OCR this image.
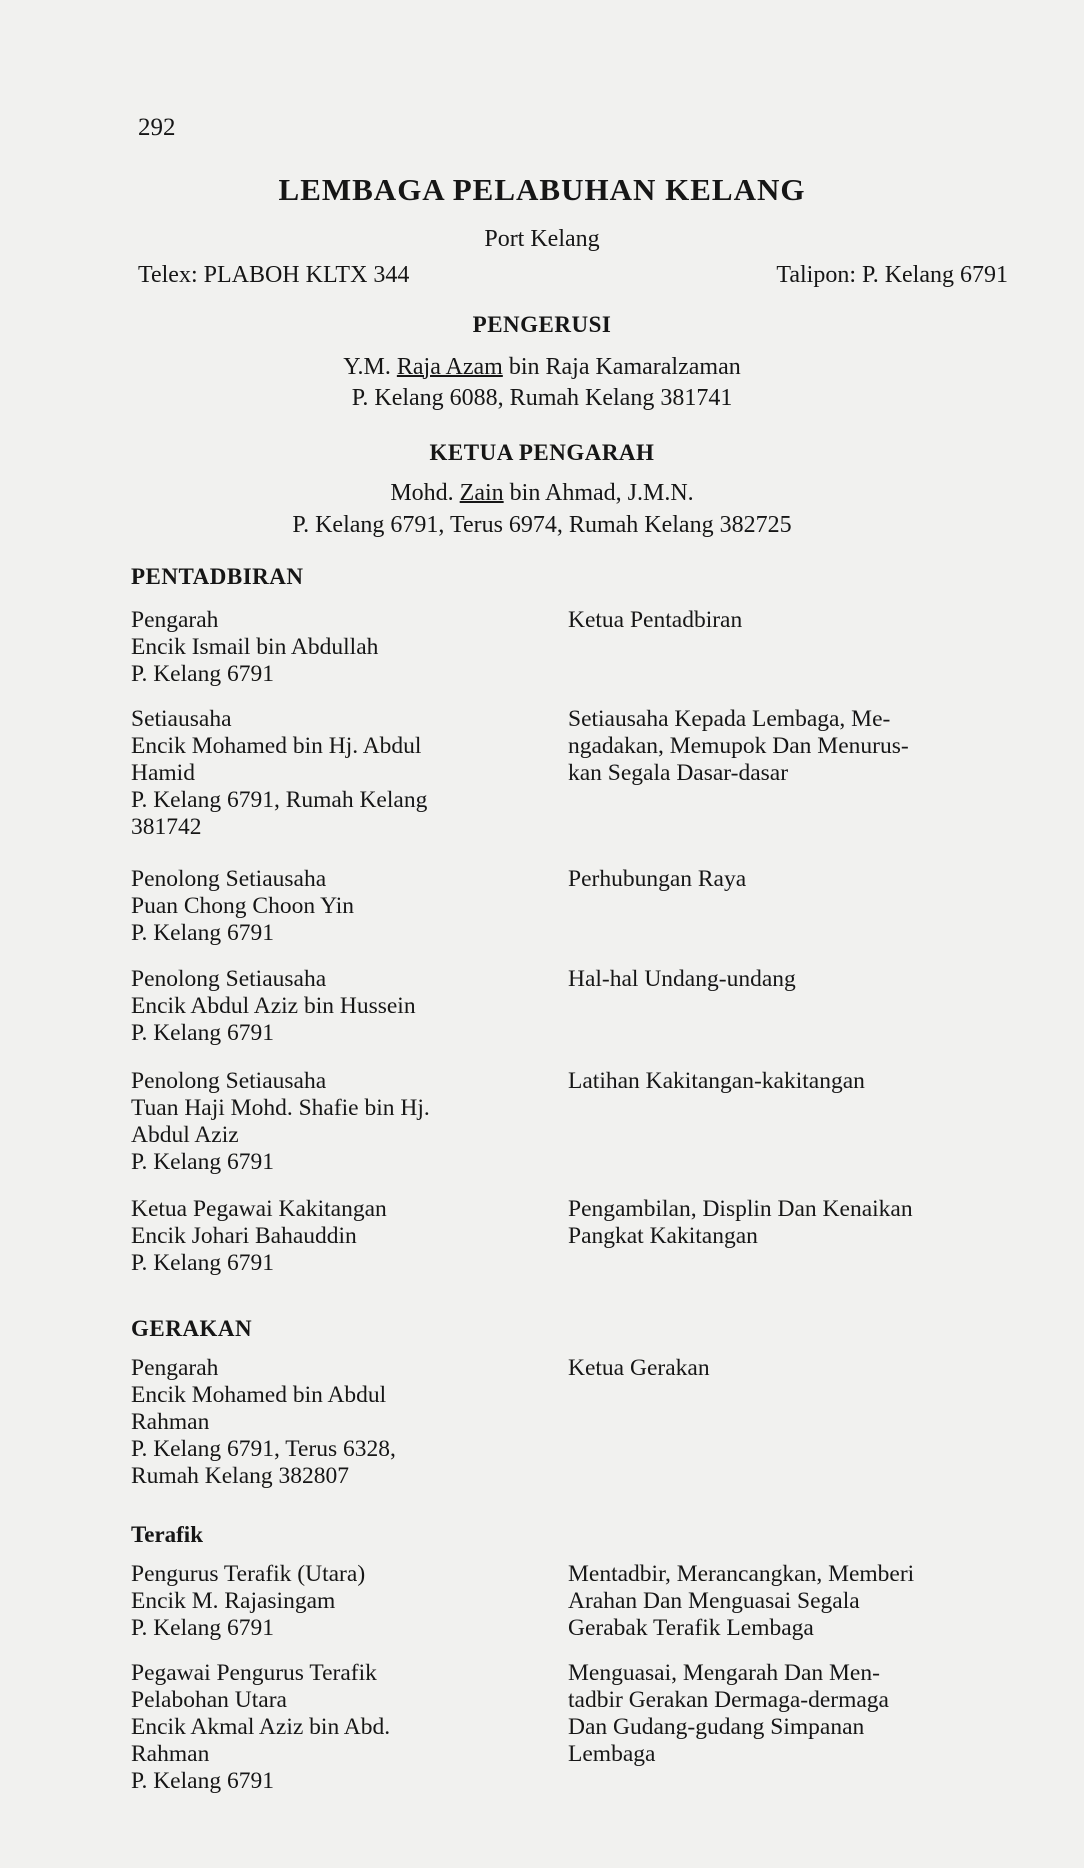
292
LEMBAGA PELABUHAN KELANG
Port Kelang
Telex: PLABOH KLTX 344	Talipon: P. Kelang 6791
PENGERUSI
Y.M. Raja Azam bin Raja Kamaralzaman
P. Kelang 6088, Rumah Kelang 381741
KETUA PENGARAH
Mohd. Zain bin Ahmad, J.M.N.
P. Kelang 6791, Terus 6974, Rumah Kelang 382725
PENTADBIRAN
Pengarah
Encik Ismail bin Abdullah
P. Kelang 6791
Ketua Pentadbiran
Setiausaha
Encik Mohamed bin Hj. Abdul
Hamid
P. Kelang 6791, Rumah Kelang
381742
Setiausaha Kepada Lembaga, Me-
ngadakan, Memupok Dan Menurus-
kan Segala Dasar-dasar
Penolong Setiausaha
Puan Chong Choon Yin
P. Kelang 6791
Perhubungan Raya
Penolong Setiausaha
Encik Abdul Aziz bin Hussein
P. Kelang 6791
Hal-hal Undang-undang
Penolong Setiausaha
Tuan Haji Mohd. Shafie bin Hj.
Abdul Aziz
P. Kelang 6791
Latihan Kakitangan-kakitangan
Ketua Pegawai Kakitangan
Encik Johari Bahauddin
P. Kelang 6791
Pengambilan, Displin Dan Kenaikan
Pangkat Kakitangan
GERAKAN
Pengarah
Encik Mohamed bin Abdul
Rahman
P. Kelang 6791, Terus 6328,
Rumah Kelang 382807
Ketua Gerakan
Terafik
Pengurus Terafik (Utara)
Encik M. Rajasingam
P. Kelang 6791
Mentadbir, Merancangkan, Memberi
Arahan Dan Menguasai Segala
Gerabak Terafik Lembaga
Pegawai Pengurus Terafik
Pelabohan Utara
Encik Akmal Aziz bin Abd.
Rahman
P. Kelang 6791
Menguasai, Mengarah Dan Men-
tadbir Gerakan Dermaga-dermaga
Dan Gudang-gudang Simpanan
Lembaga
